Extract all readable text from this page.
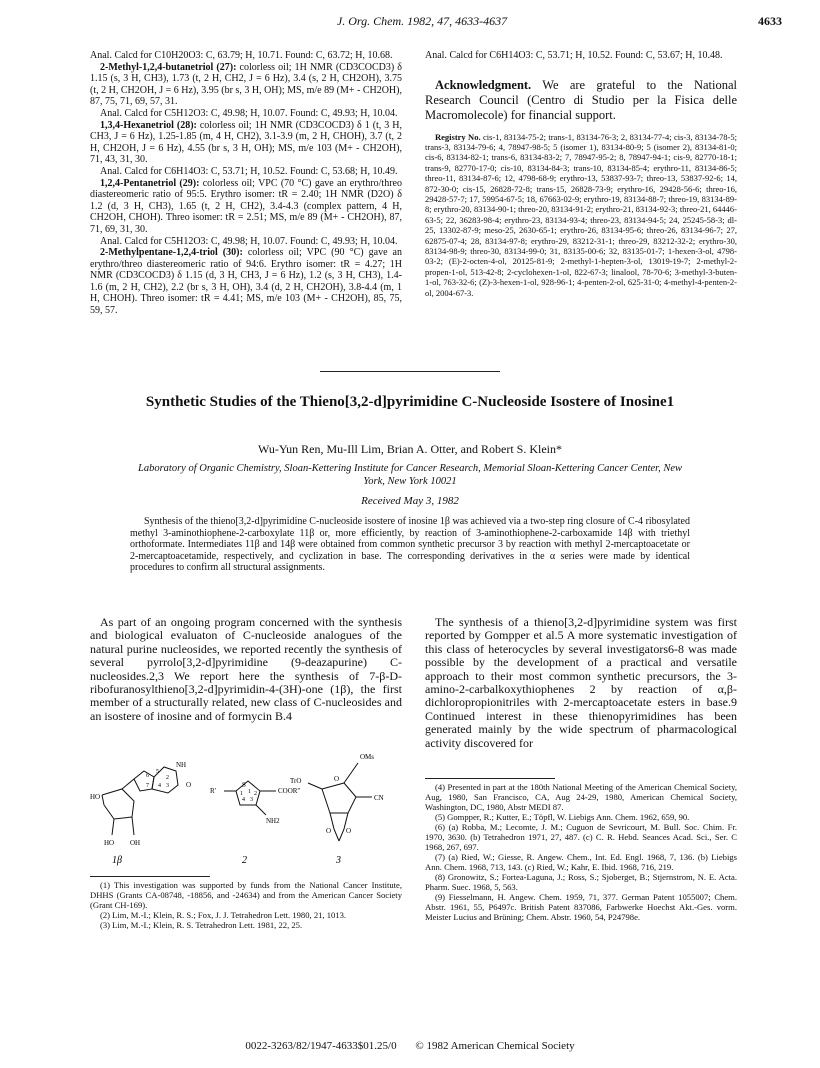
J. Org. Chem. 1982, 47, 4633-4637	4633

Anal. Calcd for C10H20O3: C, 63.79; H, 10.71. Found: C, 63.72; H, 10.68.

2-Methyl-1,2,4-butanetriol (27): colorless oil; 1H NMR (CD3COCD3) δ 1.15 (s, 3 H, CH3), 1.73 (t, 2 H, CH2, J = 6 Hz), 3.4 (s, 2 H, CH2OH), 3.75 (t, 2 H, CH2OH, J = 6 Hz), 3.95 (br s, 3 H, OH); MS, m/e 89 (M+ - CH2OH), 87, 75, 71, 69, 57, 31.

Anal. Calcd for C5H12O3: C, 49.98; H, 10.07. Found: C, 49.93; H, 10.04.

1,3,4-Hexanetriol (28): colorless oil; 1H NMR (CD3COCD3) δ 1 (t, 3 H, CH3, J = 6 Hz), 1.25-1.85 (m, 4 H, CH2), 3.1-3.9 (m, 2 H, CHOH), 3.7 (t, 2 H, CH2OH, J = 6 Hz), 4.55 (br s, 3 H, OH); MS, m/e 103 (M+ - CH2OH), 71, 43, 31, 30.

Anal. Calcd for C6H14O3: C, 53.71; H, 10.52. Found: C, 53.68; H, 10.49.

1,2,4-Pentanetriol (29): colorless oil; VPC (70 °C) gave an erythro/threo diastereomeric ratio of 95:5. Erythro isomer: tR = 2.40; 1H NMR (D2O) δ 1.2 (d, 3 H, CH3), 1.65 (t, 2 H, CH2), 3.4-4.3 (complex pattern, 4 H, CH2OH, CHOH). Threo isomer: tR = 2.51; MS, m/e 89 (M+ - CH2OH), 87, 71, 69, 31, 30.

Anal. Calcd for C5H12O3: C, 49.98; H, 10.07. Found: C, 49.93; H, 10.04.

2-Methylpentane-1,2,4-triol (30): colorless oil; VPC (90 °C) gave an erythro/threo diastereomeric ratio of 94:6. Erythro isomer: tR = 4.27; 1H NMR (CD3COCD3) δ 1.15 (d, 3 H, CH3, J = 6 Hz), 1.2 (s, 3 H, CH3), 1.4-1.6 (m, 2 H, CH2), 2.2 (br s, 3 H, OH), 3.4 (d, 2 H, CH2OH), 3.8-4.4 (m, 1 H, CHOH). Threo isomer: tR = 4.41; MS, m/e 103 (M+ - CH2OH), 85, 75, 59, 57.

Anal. Calcd for C6H14O3: C, 53.71; H, 10.52. Found: C, 53.67; H, 10.48.

Acknowledgment. We are grateful to the National Research Council (Centro di Studio per la Fisica delle Macromolecole) for financial support.

Registry No. cis-1, 83134-75-2; trans-1, 83134-76-3; 2, 83134-77-4; cis-3, 83134-78-5; trans-3, 83134-79-6; 4, 78947-98-5; 5 (isomer 1), 83134-80-9; 5 (isomer 2), 83134-81-0; cis-6, 83134-82-1; trans-6, 83134-83-2; 7, 78947-95-2; 8, 78947-94-1; cis-9, 82770-18-1; trans-9, 82770-17-0; cis-10, 83134-84-3; trans-10, 83134-85-4; erythro-11, 83134-86-5; threo-11, 83134-87-6; 12, 4798-68-9; erythro-13, 53837-93-7; threo-13, 53837-92-6; 14, 872-30-0; cis-15, 26828-72-8; trans-15, 26828-73-9; erythro-16, 29428-56-6; threo-16, 29428-57-7; 17, 59954-67-5; 18, 67663-02-9; erythro-19, 83134-88-7; threo-19, 83134-89-8; erythro-20, 83134-90-1; threo-20, 83134-91-2; erythro-21, 83134-92-3; threo-21, 64446-63-5; 22, 36283-98-4; erythro-23, 83134-93-4; threo-23, 83134-94-5; 24, 25245-58-3; dl-25, 13302-87-9; meso-25, 2630-65-1; erythro-26, 83134-95-6; threo-26, 83134-96-7; 27, 62875-07-4; 28, 83134-97-8; erythro-29, 83212-31-1; threo-29, 83212-32-2; erythro-30, 83134-98-9; threo-30, 83134-99-0; 31, 83135-00-6; 32, 83135-01-7; 1-hexen-3-ol, 4798-03-2; (E)-2-octen-4-ol, 20125-81-9; 2-methyl-1-hepten-3-ol, 13019-19-7; 2-methyl-2-propen-1-ol, 513-42-8; 2-cyclohexen-1-ol, 822-67-3; linalool, 78-70-6; 3-methyl-3-buten-1-ol, 763-32-6; (Z)-3-hexen-1-ol, 928-96-1; 4-penten-2-ol, 625-31-0; 4-methyl-4-penten-2-ol, 2004-67-3.

Synthetic Studies of the Thieno[3,2-d]pyrimidine C-Nucleoside Isostere of Inosine1
Wu-Yun Ren, Mu-Ill Lim, Brian A. Otter, and Robert S. Klein*
Laboratory of Organic Chemistry, Sloan-Kettering Institute for Cancer Research, Memorial Sloan-Kettering Cancer Center, New York, New York 10021
Received May 3, 1982
Synthesis of the thieno[3,2-d]pyrimidine C-nucleoside isostere of inosine 1β was achieved via a two-step ring closure of C-4 ribosylated methyl 3-aminothiophene-2-carboxylate 11β or, more efficiently, by reaction of 3-aminothiophene-2-carboxamide 14β with triethyl orthoformate. Intermediates 11β and 14β were obtained from common synthetic precursor 3 by reaction with methyl 2-mercaptoacetate or 2-mercaptoacetamide, respectively, and cyclization in base. The corresponding derivatives in the α series were made by identical procedures to confirm all structural assignments.

As part of an ongoing program concerned with the synthesis and biological evaluaton of C-nucleoside analogues of the natural purine nucleosides, we reported recently the synthesis of several pyrrolo[3,2-d]pyrimidine (9-deazapurine) C-nucleosides.2,3 We report here the synthesis of 7-β-D-ribofuranosylthieno[3,2-d]pyrimidin-4-(3H)-one (1β), the first member of a structurally related, new class of C-nucleosides and an isostere of inosine and of formycin B.4

The synthesis of a thieno[3,2-d]pyrimidine system was first reported by Gompper et al.5 A more systematic investigation of this class of heterocycles by several investigators6-8 was made possible by the development of a practical and versatile approach to their most common synthetic precursors, the 3-amino-2-carbalkoxythiophenes 2 by reaction of α,β-dichloropropionitriles with 2-mercaptoacetate esters in base.9 Continued interest in these thienopyrimidines has been generated mainly by the wide spectrum of pharmacological activity discovered for

HO
OH
HO
NH
O	S
R'	COOR''
NH2
TrO
OMs
CN
O
O O
6
7
5
2
3
4
1
4 3
2
1
1β	2	3

(1) This investigation was supported by funds from the National Cancer Institute, DHHS (Grants CA-08748, -18856, and -24634) and from the American Cancer Society (Grant CH-169).

(2) Lim, M.-I.; Klein, R. S.; Fox, J. J. Tetrahedron Lett. 1980, 21, 1013.

(3) Lim, M.-I.; Klein, R. S. Tetrahedron Lett. 1981, 22, 25.

(4) Presented in part at the 180th National Meeting of the American Chemical Society, Aug, 1980, San Francisco, CA, Aug 24-29, 1980, American Chemical Society, Washington, DC, 1980, Abstr MEDI 87.

(5) Gompper, R.; Kutter, E.; Töpfl, W. Liebigs Ann. Chem. 1962, 659, 90.

(6) (a) Robba, M.; Lecomte, J. M.; Cuguon de Sevricourt, M. Bull. Soc. Chim. Fr. 1970, 3630. (b) Tetrahedron 1971, 27, 487. (c) C. R. Hebd. Seances Acad. Sci., Ser. C 1968, 267, 697.

(7) (a) Ried, W.; Giesse, R. Angew. Chem., Int. Ed. Engl. 1968, 7, 136. (b) Liebigs Ann. Chem. 1968, 713, 143. (c) Ried, W.; Kahr, E. Ibid. 1968, 716, 219.

(8) Gronowitz, S.; Fortea-Laguna, J.; Ross, S.; Sjoberget, B.; Stjernstrom, N. E. Acta. Pharm. Suec. 1968, 5, 563.

(9) Fiesselmann, H. Angew. Chem. 1959, 71, 377. German Patent 1055007; Chem. Abstr. 1961, 55, P6497c. British Patent 837086, Farbwerke Hoechst Akt.-Ges. vorm. Meister Lucius and Brüning; Chem. Abstr. 1960, 54, P24798e.

0022-3263/82/1947-4633$01.25/0 © 1982 American Chemical Society
